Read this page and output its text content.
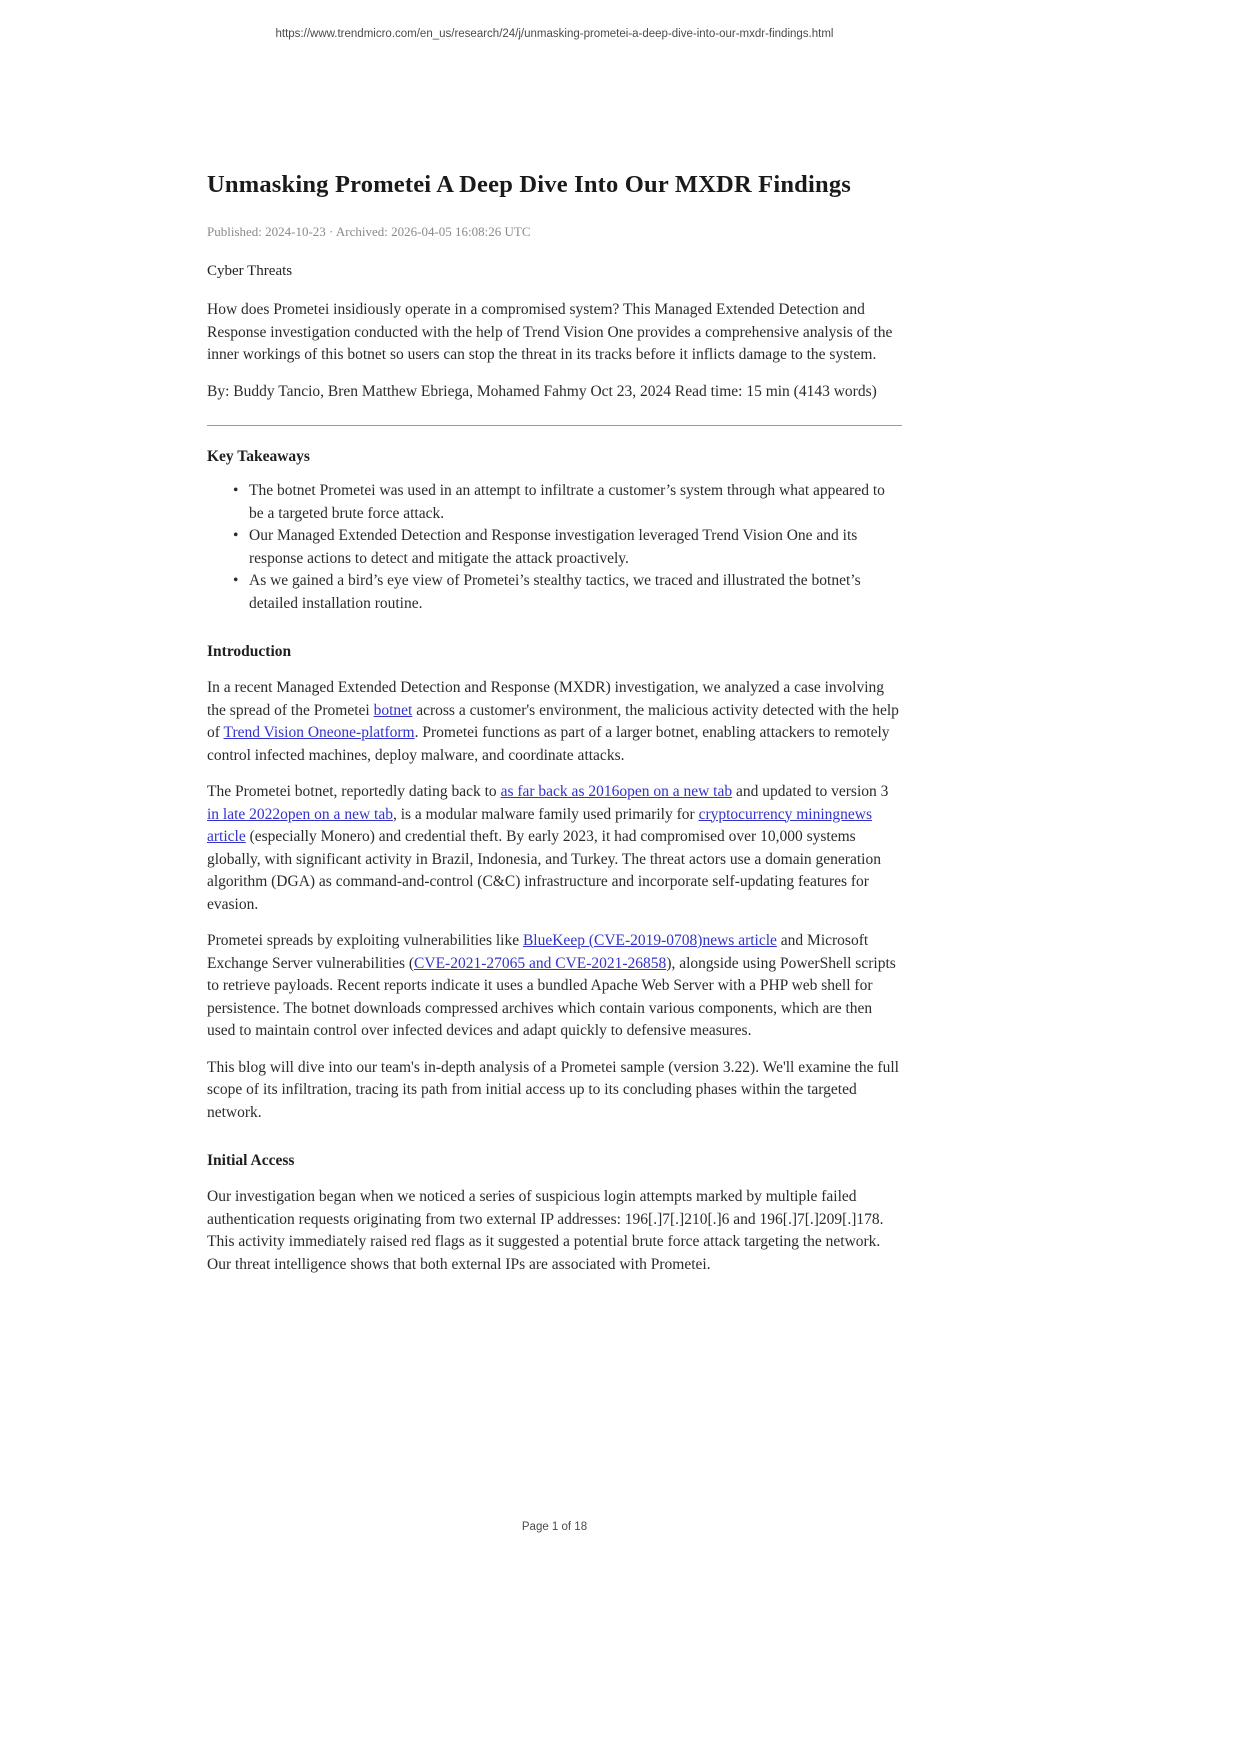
https://www.trendmicro.com/en_us/research/24/j/unmasking-prometei-a-deep-dive-into-our-mxdr-findings.html
Unmasking Prometei A Deep Dive Into Our MXDR Findings
Published: 2024-10-23 · Archived: 2026-04-05 16:08:26 UTC
Cyber Threats

How does Prometei insidiously operate in a compromised system? This Managed Extended Detection and Response investigation conducted with the help of Trend Vision One provides a comprehensive analysis of the inner workings of this botnet so users can stop the threat in its tracks before it inflicts damage to the system.

By: Buddy Tancio, Bren Matthew Ebriega, Mohamed Fahmy Oct 23, 2024 Read time: 15 min (4143 words)

Key Takeaways
• The botnet Prometei was used in an attempt to infiltrate a customer’s system through what appeared to be a targeted brute force attack.
• Our Managed Extended Detection and Response investigation leveraged Trend Vision One and its response actions to detect and mitigate the attack proactively.
• As we gained a bird’s eye view of Prometei’s stealthy tactics, we traced and illustrated the botnet’s detailed installation routine.
Introduction

In a recent Managed Extended Detection and Response (MXDR) investigation, we analyzed a case involving the spread of the Prometei botnet across a customer's environment, the malicious activity detected with the help of Trend Vision Oneone-platform. Prometei functions as part of a larger botnet, enabling attackers to remotely control infected machines, deploy malware, and coordinate attacks.

The Prometei botnet, reportedly dating back to as far back as 2016open on a new tab and updated to version 3 in late 2022open on a new tab, is a modular malware family used primarily for cryptocurrency miningnews article (especially Monero) and credential theft. By early 2023, it had compromised over 10,000 systems globally, with significant activity in Brazil, Indonesia, and Turkey. The threat actors use a domain generation algorithm (DGA) as command-and-control (C&C) infrastructure and incorporate self-updating features for evasion.

Prometei spreads by exploiting vulnerabilities like BlueKeep (CVE-2019-0708)news article and Microsoft Exchange Server vulnerabilities (CVE-2021-27065 and CVE-2021-26858), alongside using PowerShell scripts to retrieve payloads. Recent reports indicate it uses a bundled Apache Web Server with a PHP web shell for persistence. The botnet downloads compressed archives which contain various components, which are then used to maintain control over infected devices and adapt quickly to defensive measures.

This blog will dive into our team's in-depth analysis of a Prometei sample (version 3.22). We'll examine the full scope of its infiltration, tracing its path from initial access up to its concluding phases within the targeted network.

Initial Access

Our investigation began when we noticed a series of suspicious login attempts marked by multiple failed authentication requests originating from two external IP addresses: 196[.]7[.]210[.]6 and 196[.]7[.]209[.]178. This activity immediately raised red flags as it suggested a potential brute force attack targeting the network. Our threat intelligence shows that both external IPs are associated with Prometei.

Page 1 of 18
